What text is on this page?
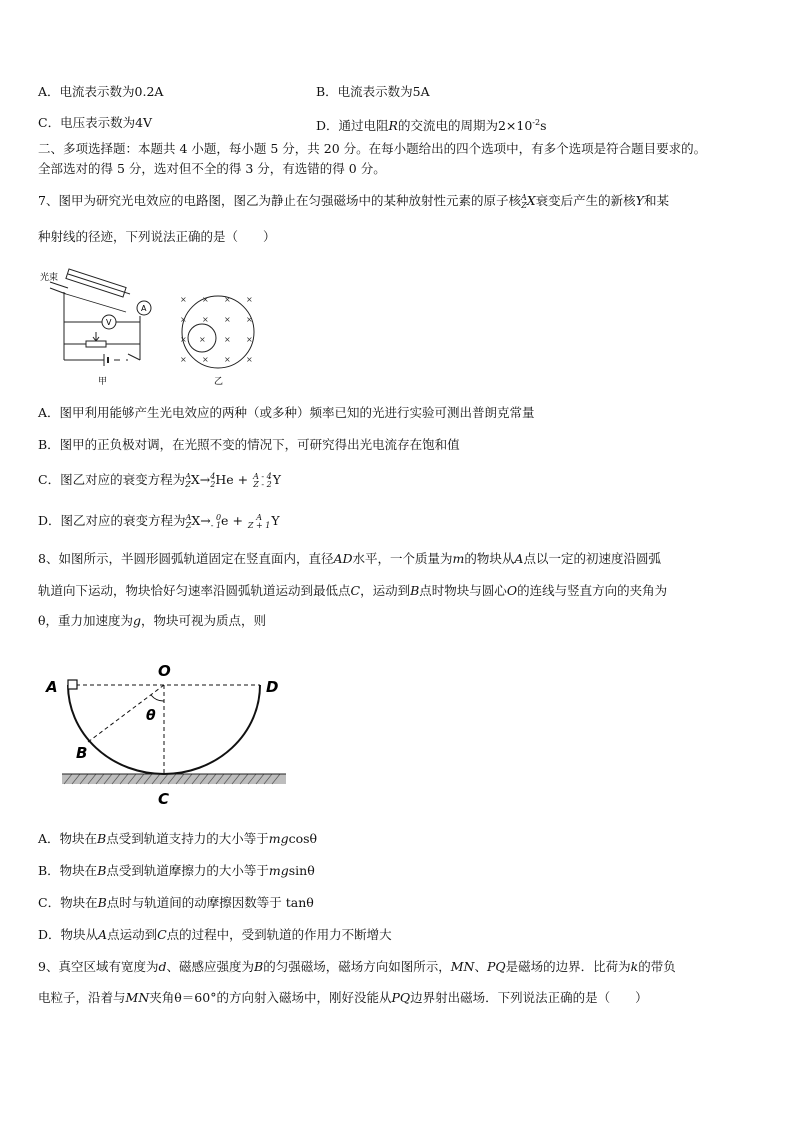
A．电流表示数为0.2A	B．电流表示数为5A
C．电压表示数为4V	D．通过电阻R的交流电的周期为$2\times 10^{-2}s$
二、多项选择题：本题共 4 小题，每小题 5 分，共 20 分。在每小题给出的四个选项中，有多个选项是符合题目要求的。
全部选对的得 5 分，选对但不全的得 3 分，有选错的得 0 分。
7、图甲为研究光电效应的电路图，图乙为静止在匀强磁场中的某种放射性元素的原子核A
ZX衰变后产生的新核Y和某
种射线的径迹，下列说法正确的是（　　）
光束
V
A
甲	乙
× × × ×
× × × ×
× × × ×
× × × ×
A．图甲利用能够产生光电效应的两种（或多种）频率已知的光进行实验可测出普朗克常量
B．图甲的正负极对调，在光照不变的情况下，可研究得出光电流存在饱和值
C．图乙对应的衰变方程为A
ZX→4
2He + A - 4
Z - 2Y
D．图乙对应的衰变方程为A
ZX→ 0
- 1e + A
Z + 1Y
8、如图所示，半圆形圆弧轨道固定在竖直面内，直径AD水平，一个质量为m的物块从A点以一定的初速度沿圆弧
轨道向下运动，物块恰好匀速率沿圆弧轨道运动到最低点C，运动到B点时物块与圆心O的连线与竖直方向的夹角为
θ，重力加速度为g，物块可视为质点，则
O
A	D
B
C
θ
A．物块在B点受到轨道支持力的大小等于mgcosθ
B．物块在B点受到轨道摩擦力的大小等于mgsinθ
C．物块在B点时与轨道间的动摩擦因数等于 tanθ
D．物块从A点运动到C点的过程中，受到轨道的作用力不断增大
9、真空区域有宽度为d、磁感应强度为B的匀强磁场，磁场方向如图所示，MN、PQ是磁场的边界．比荷为k的带负
电粒子，沿着与MN夹角θ＝60°的方向射入磁场中，刚好没能从PQ边界射出磁场．下列说法正确的是（　　）
